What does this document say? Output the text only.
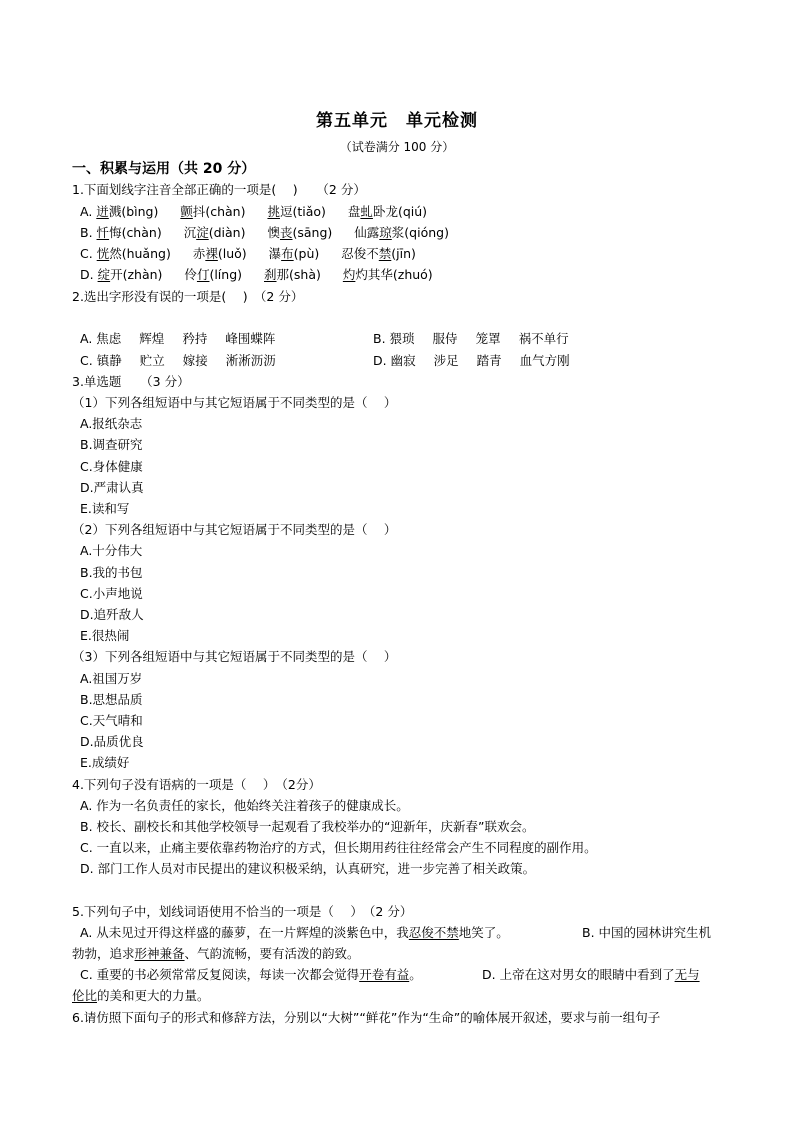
第五单元　单元检测
（试卷满分 100 分）
一、积累与运用（共 20 分）
1.下面划线字注音全部正确的一项是(　 )　　（2 分）
A. 迸溅(bìng) 颤抖(chàn) 挑逗(tiǎo) 盘虬卧龙(qiú)
B. 忏悔(chàn) 沉淀(diàn) 懊丧(sāng) 仙露琼浆(qióng)
C. 恍然(huǎng) 赤裸(luǒ) 瀑布(pù) 忍俊不禁(jīn)
D. 绽开(zhàn) 伶仃(líng) 刹那(shà) 灼灼其华(zhuó)
2.选出字形没有误的一项是(　 )　（2 分）
A. 焦虑 辉煌 矜持 峰围蝶阵	B. 猥琐 服侍 笼罩 祸不单行
C. 镇静 贮立 嫁接 淅淅沥沥	D. 幽寂 涉足 踏青 血气方刚
3.单选题　　（3 分）
（1）下列各组短语中与其它短语属于不同类型的是（　 ）
A.报纸杂志
B.调查研究
C.身体健康
D.严肃认真
E.读和写
（2）下列各组短语中与其它短语属于不同类型的是（　 ）
A.十分伟大
B.我的书包
C.小声地说
D.追歼敌人
E.很热闹
（3）下列各组短语中与其它短语属于不同类型的是（　 ）
A.祖国万岁
B.思想品质
C.天气晴和
D.品质优良
E.成绩好
4.下列句子没有语病的一项是（　 ）　（2分）
A. 作为一名负责任的家长，他始终关注着孩子的健康成长。
B. 校长、副校长和其他学校领导一起观看了我校举办的“迎新年，庆新春”联欢会。
C. 一直以来，止痛主要依靠药物治疗的方式，但长期用药往往经常会产生不同程度的副作用。
D. 部门工作人员对市民提出的建议积极采纳，认真研究，进一步完善了相关政策。
5.下列句子中，划线词语使用不恰当的一项是（　 ）　（2 分）
A. 从未见过开得这样盛的藤萝，在一片辉煌的淡紫色中，我忍俊不禁地笑了。	B. 中国的园林讲究生机
勃勃，追求形神兼备、气韵流畅，要有活泼的韵致。
C. 重要的书必须常常反复阅读，每读一次都会觉得开卷有益。	D. 上帝在这对男女的眼睛中看到了无与
伦比的美和更大的力量。
6.请仿照下面句子的形式和修辞方法，分别以“大树”“鲜花”作为“生命”的喻体展开叙述，要求与前一组句子
